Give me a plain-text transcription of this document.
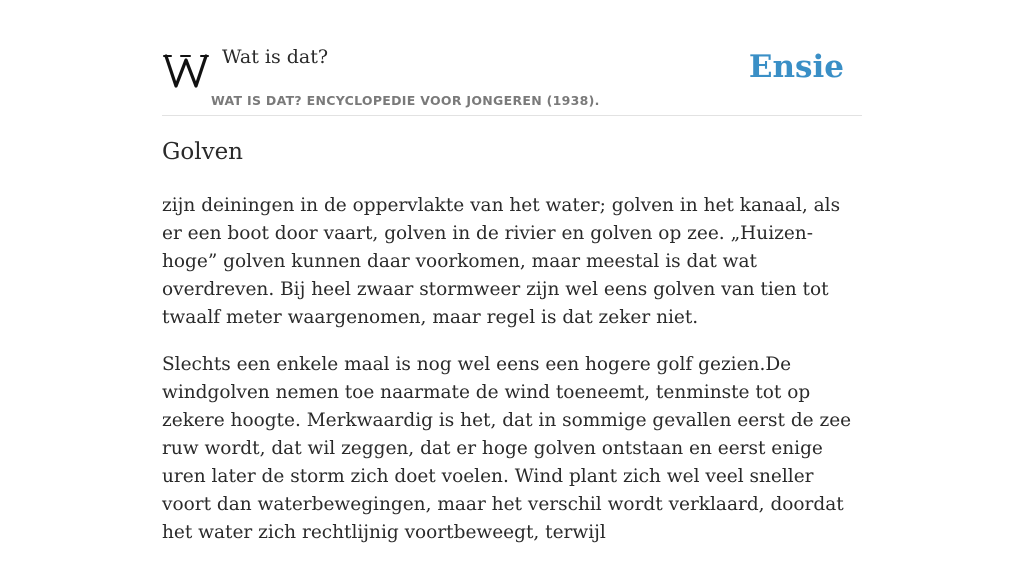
Wat is dat?
WAT IS DAT? ENCYCLOPEDIE VOOR JONGEREN (1938).
Ensie
Golven

zijn deiningen in de oppervlakte van het water; golven in het kanaal, als er een boot door vaart, golven in de rivier en golven op zee. „Huizen-hoge” golven kunnen daar voorkomen, maar meestal is dat wat overdreven. Bij heel zwaar stormweer zijn wel eens golven van tien tot twaalf meter waargenomen, maar regel is dat zeker niet.

Slechts een enkele maal is nog wel eens een hogere golf gezien.De windgolven nemen toe naarmate de wind toeneemt, tenminste tot op zekere hoogte. Merkwaardig is het, dat in sommige gevallen eerst de zee ruw wordt, dat wil zeggen, dat er hoge golven ontstaan en eerst enige uren later de storm zich doet voelen. Wind plant zich wel veel sneller voort dan waterbewegingen, maar het verschil wordt verklaard, doordat het water zich rechtlijnig voortbeweegt, terwijl
